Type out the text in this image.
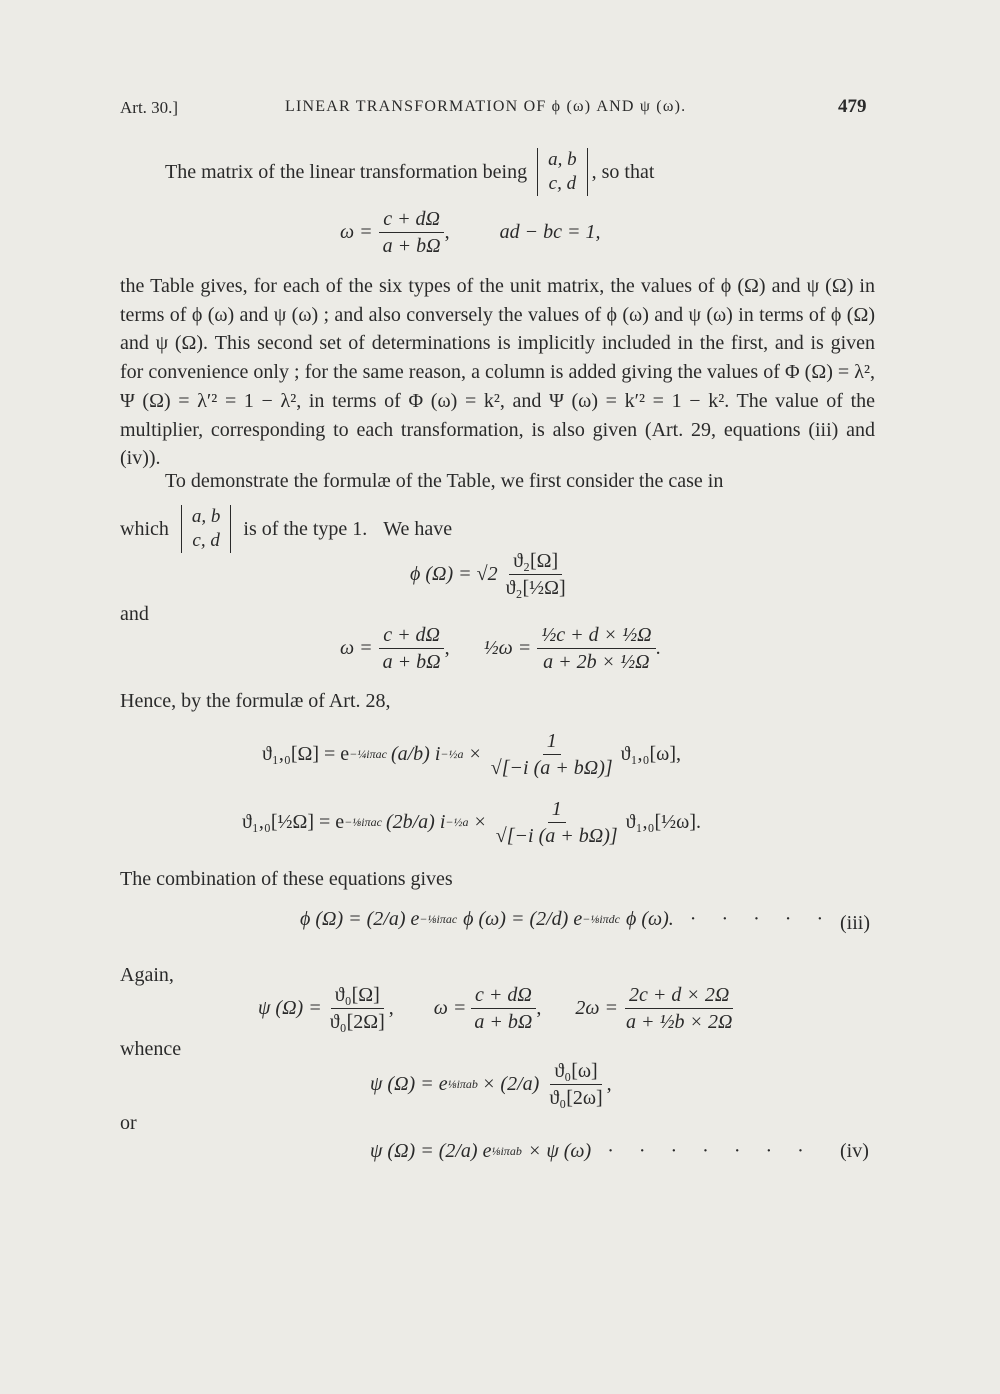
Art. 30.]	LINEAR TRANSFORMATION OF ϕ (ω) AND ψ (ω).	479
The matrix of the linear transformation being
a, b
c, d
, so that
$\omega = \frac{c + d\Omega}{a + b\Omega}$ ,	ad − bc = 1,
the Table gives, for each of the six types of the unit matrix, the values of ϕ (Ω) and ψ (Ω) in terms of ϕ (ω) and ψ (ω) ; and also conversely the values of ϕ (ω) and ψ (ω) in terms of ϕ (Ω) and ψ (Ω). This second set of determinations is implicitly included in the first, and is given for convenience only ; for the same reason, a column is added giving the values of Φ (Ω) = λ², Ψ (Ω) = λ′² = 1 − λ², in terms of Φ (ω) = k², and Ψ (ω) = k′² = 1 − k². The value of the multiplier, corresponding to each transformation, is also given (Art. 29, equations (iii) and (iv)).
To demonstrate the formulæ of the Table, we first consider the case in
which
a, b
c, d
is of the type 1. We have
ϕ $(\Omega) = √2 \frac{\text{ϑ₂[Ω]}}{\text{ϑ₂[½Ω]}}$
and
$\omega = \frac{c + d\Omega}{a + b\Omega}$ , ½ω = $\frac{\text{½c + d × ½Ω}}{\text{a + 2b × ½Ω}}$ .
Hence, by the formulæ of Art. 28,
ϑ₁,₀[Ω] = e −¼iπac (a/b) i −½a × $\frac{1}{√[-i (a + b\Omega)]} ϑ_1,_0[\omega]$,
ϑ₁,₀[½Ω] = e −⅛iπac (2b/a) i −½a × $\frac{1}{√[-i (a + b\Omega)]}$ ϑ₁,₀[½ω].
The combination of these equations gives
ϕ (Ω) = (2/a) e −⅛iπac ϕ (ω) = (2/d) e −⅛iπdc ϕ (ω). · · · · · (iii)
Again,
ψ $(\Omega) = \frac{\text{ϑ₀[Ω]}}{\text{ϑ₀[2Ω]}}$ , $\omega = \frac{c + d\Omega}{a + b\Omega}$ , $2\omega = \frac{2c + d \times 2\Omega}{\text{a + ½b × 2Ω}}$
whence
ψ (Ω) = e ⅛iπab × $(2/a) \frac{\text{ϑ₀[ω]}}{\text{ϑ₀[2ω]}}$ ,
or
ψ (Ω) = (2/a) e ⅛iπab × ψ (ω) · · · · · · · (iv)
